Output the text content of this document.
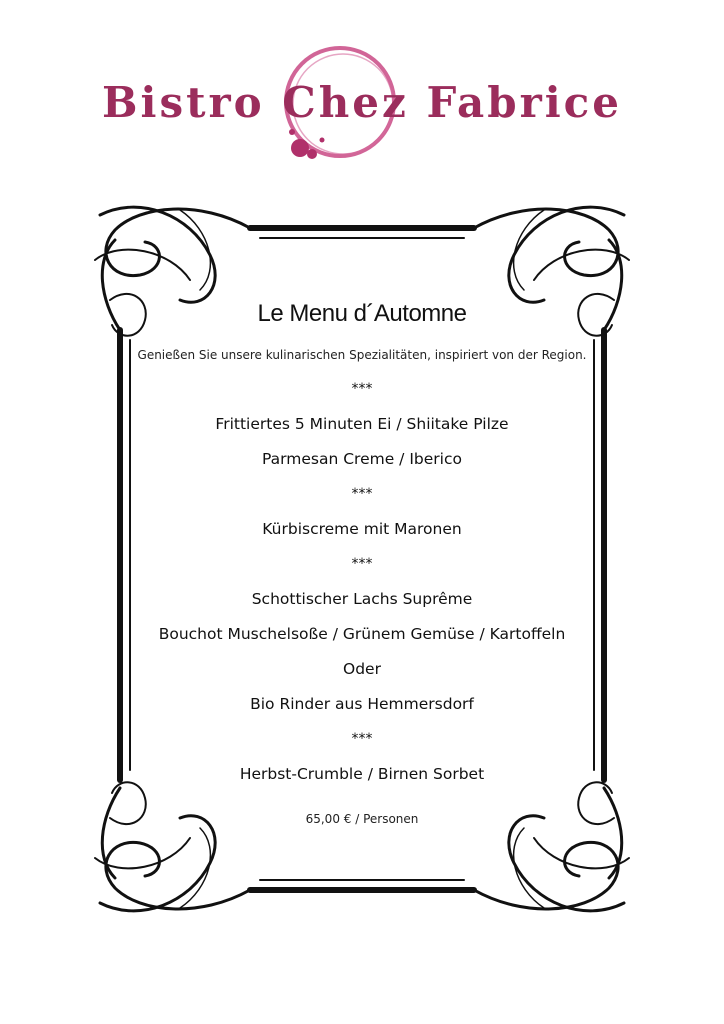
Bistro Chez Fabrice
Le Menu d´Automne
Genießen Sie unsere kulinarischen Spezialitäten, inspiriert von der Region.
***
Frittiertes 5 Minuten Ei / Shiitake Pilze
Parmesan Creme / Iberico
***
Kürbiscreme mit Maronen
***
Schottischer Lachs Suprême
Bouchot Muschelsoße / Grünem Gemüse / Kartoffeln
Oder
Bio Rinder aus Hemmersdorf
***
Herbst-Crumble / Birnen Sorbet
65,00 € / Personen
